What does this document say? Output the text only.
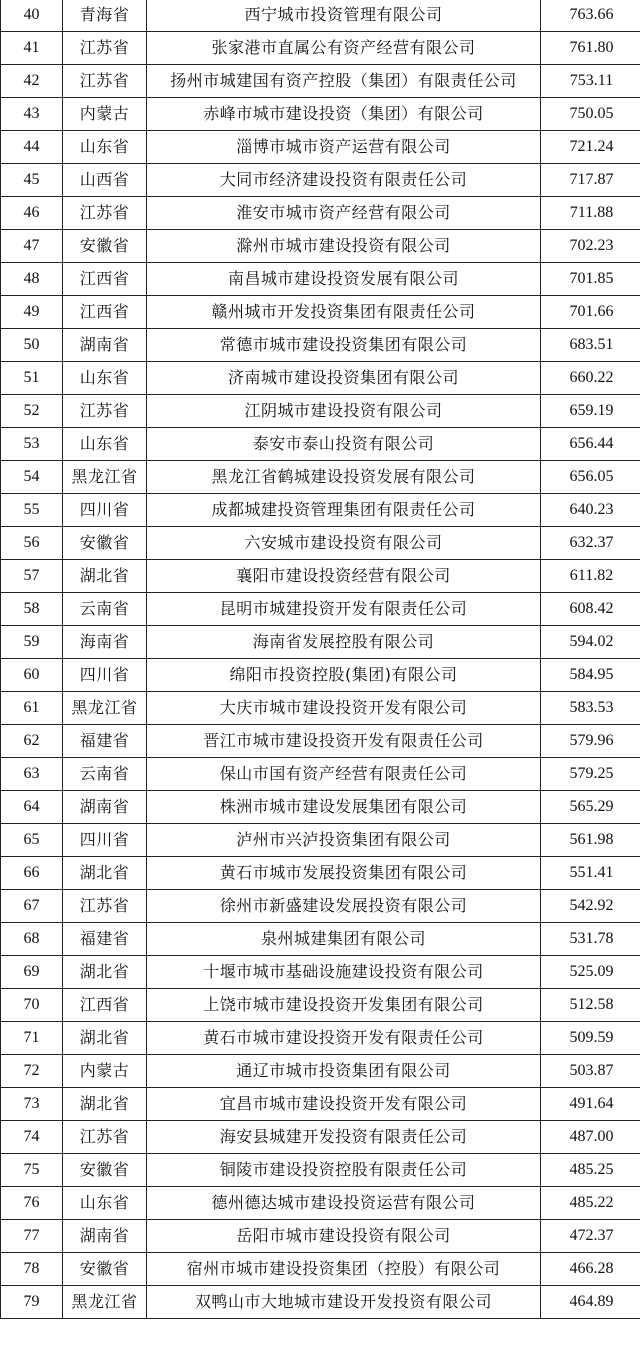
40	青海省	西宁城市投资管理有限公司	763.66
41	江苏省	张家港市直属公有资产经营有限公司	761.80
42	江苏省	扬州市城建国有资产控股（集团）有限责任公司	753.11
43	内蒙古	赤峰市城市建设投资（集团）有限公司	750.05
44	山东省	淄博市城市资产运营有限公司	721.24
45	山西省	大同市经济建设投资有限责任公司	717.87
46	江苏省	淮安市城市资产经营有限公司	711.88
47	安徽省	滁州市城市建设投资有限公司	702.23
48	江西省	南昌城市建设投资发展有限公司	701.85
49	江西省	赣州城市开发投资集团有限责任公司	701.66
50	湖南省	常德市城市建设投资集团有限公司	683.51
51	山东省	济南城市建设投资集团有限公司	660.22
52	江苏省	江阴城市建设投资有限公司	659.19
53	山东省	泰安市泰山投资有限公司	656.44
54	黑龙江省	黑龙江省鹤城建设投资发展有限公司	656.05
55	四川省	成都城建投资管理集团有限责任公司	640.23
56	安徽省	六安城市建设投资有限公司	632.37
57	湖北省	襄阳市建设投资经营有限公司	611.82
58	云南省	昆明市城建投资开发有限责任公司	608.42
59	海南省	海南省发展控股有限公司	594.02
60	四川省	绵阳市投资控股(集团)有限公司	584.95
61	黑龙江省	大庆市城市建设投资开发有限公司	583.53
62	福建省	晋江市城市建设投资开发有限责任公司	579.96
63	云南省	保山市国有资产经营有限责任公司	579.25
64	湖南省	株洲市城市建设发展集团有限公司	565.29
65	四川省	泸州市兴泸投资集团有限公司	561.98
66	湖北省	黄石市城市发展投资集团有限公司	551.41
67	江苏省	徐州市新盛建设发展投资有限公司	542.92
68	福建省	泉州城建集团有限公司	531.78
69	湖北省	十堰市城市基础设施建设投资有限公司	525.09
70	江西省	上饶市城市建设投资开发集团有限公司	512.58
71	湖北省	黄石市城市建设投资开发有限责任公司	509.59
72	内蒙古	通辽市城市投资集团有限公司	503.87
73	湖北省	宜昌市城市建设投资开发有限公司	491.64
74	江苏省	海安县城建开发投资有限责任公司	487.00
75	安徽省	铜陵市建设投资控股有限责任公司	485.25
76	山东省	德州德达城市建设投资运营有限公司	485.22
77	湖南省	岳阳市城市建设投资有限公司	472.37
78	安徽省	宿州市城市建设投资集团（控股）有限公司	466.28
79	黑龙江省	双鸭山市大地城市建设开发投资有限公司	464.89
